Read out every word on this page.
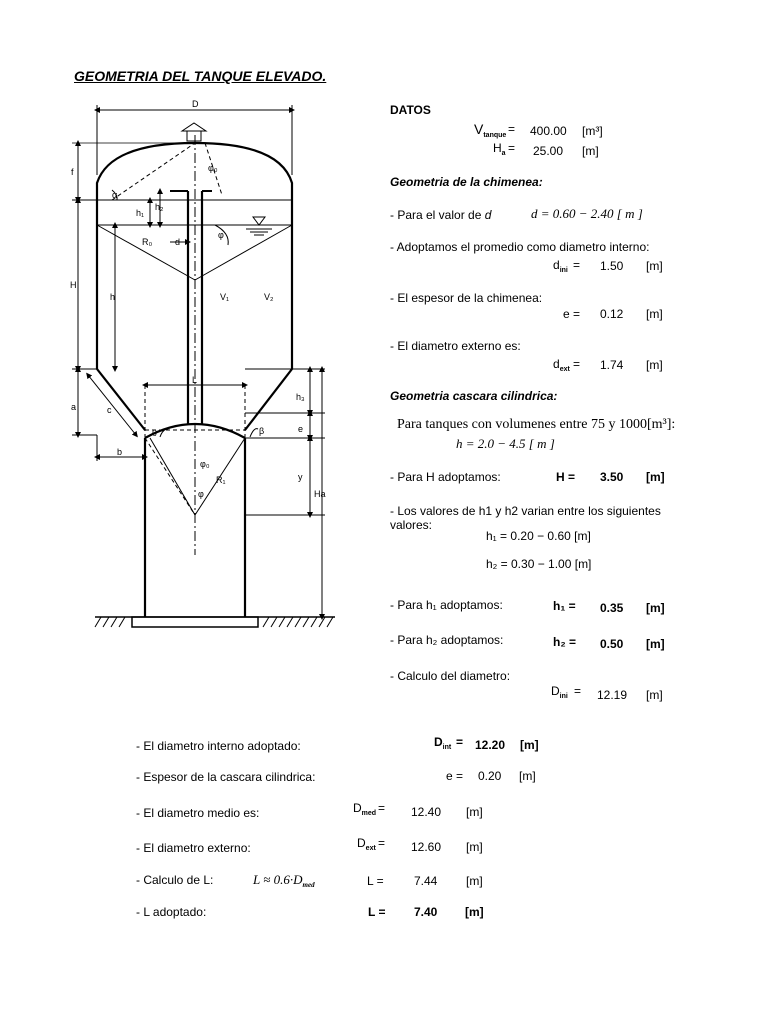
GEOMETRIA DEL TANQUE ELEVADO.
D
f
H
h
a	c
b
L
h₁
h₂
h₃
e
y
Ha
α
φ₀
φ
R₀	d
V₁	V₂
θ	β
φ₀
R₁
φ
DATOS
$V_{tanque} = 400.00$ [m³]
$H_a = 25.00$ [m]
Geometria de la chimenea:
- Para el valor de d	d = 0.60 − 2.40 [ m ]
- Adoptamos el promedio como diametro interno:
$d_{ini} = 1.50$ [m]
- El espesor de la chimenea:
e = 0.12 [m]
- El diametro externo es:
$d_{ext} = 1.74$ [m]
Geometria cascara cilindrica:
Para tanques con volumenes entre 75 y 1000[m³]:
h = 2.0 − 4.5 [ m ]
- Para H adoptamos:	H = 3.50 [m]
- Los valores de h1 y h2 varian entre los siguientes
valores:
h₁ = 0.20 − 0.60 [m]
h₂ = 0.30 − 1.00 [m]
- Para h₁ adoptamos:	h₁ = 0.35 [m]
- Para h₂ adoptamos:	h₂ = 0.50 [m]
- Calculo del diametro:
$D_{ini} = 12.19$ [m]
- El diametro interno adoptado:	$D_{int} = 12.20$ [m]
- Espesor de la cascara cilindrica:	e = 0.20 [m]
- El diametro medio es:	$D_{med} = 12.40$ [m]
- El diametro externo:	$D_{ext} = 12.60$ [m]
- Calculo de L:	$L \approx 0.6\cdot D_{med}$	L =	7.44 [m]
- L adoptado:	L = 7.40 [m]
